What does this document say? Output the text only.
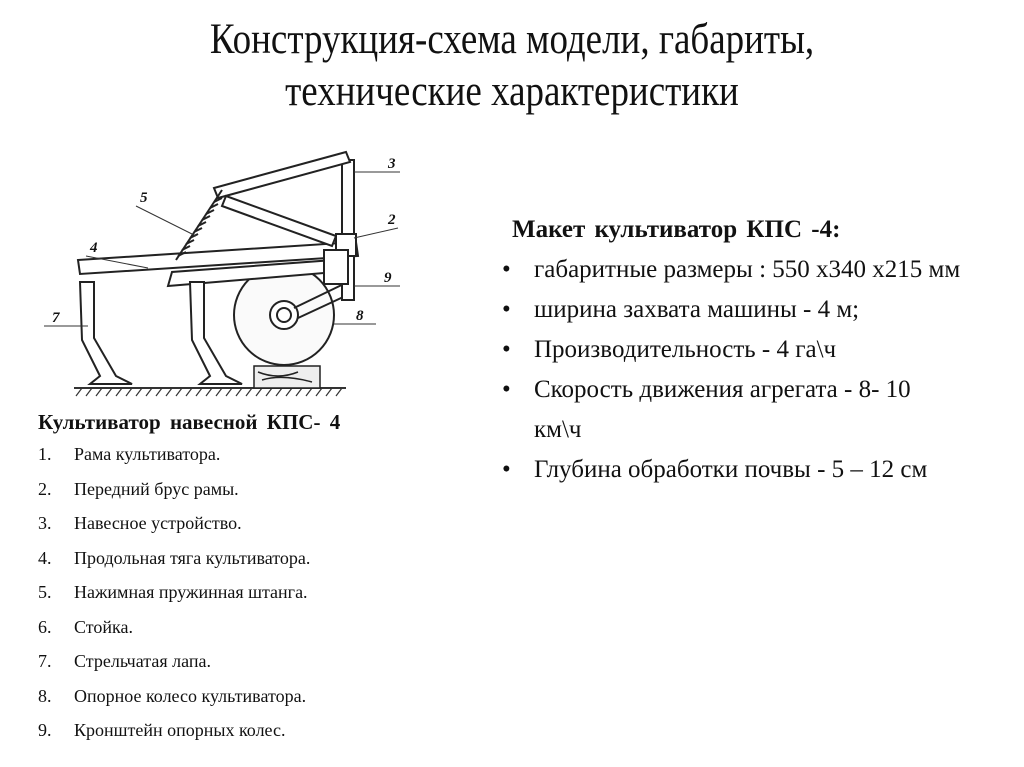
Конструкция-схема модели, габариты,
технические характеристики
3
2
4
5
7
9
8
Культиватор навесной КПС- 4
1.	Рама культиватора.
2.	Передний брус рамы.
3.	Навесное устройство.
4.	Продольная тяга культиватора.
5.	Нажимная пружинная штанга.
6.	Стойка.
7.	Стрельчатая лапа.
8.	Опорное колесо культиватора.
9.	Кронштейн опорных колес.
Макет культиватор КПС -4:
• габаритные размеры : 550 х340 х215 мм
• ширина захвата машины - 4 м;
• Производительность - 4 га\ч
• Скорость движения агрегата - 8- 10 км\ч
• Глубина обработки почвы - 5 – 12 см
